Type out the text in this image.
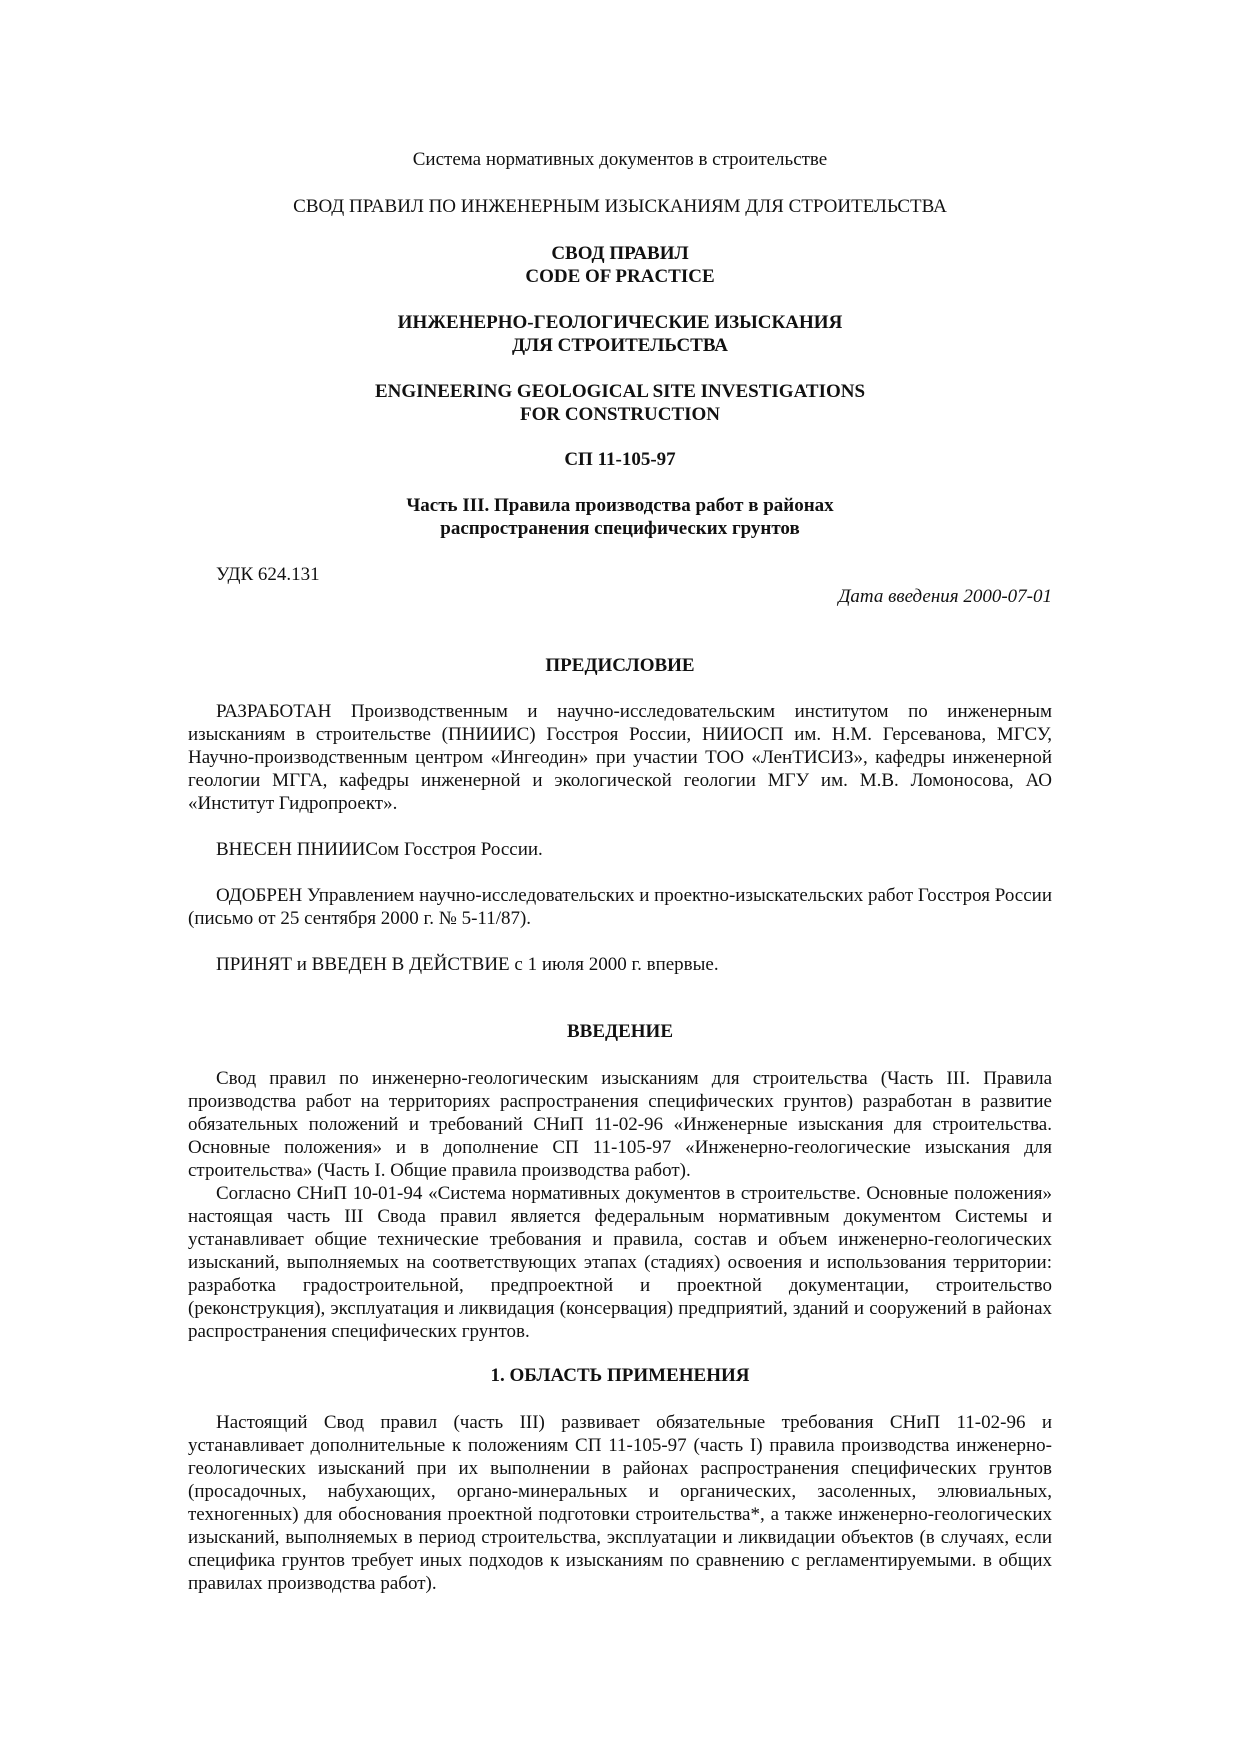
Система нормативных документов в строительстве
СВОД ПРАВИЛ ПО ИНЖЕНЕРНЫМ ИЗЫСКАНИЯМ ДЛЯ СТРОИТЕЛЬСТВА
СВОД ПРАВИЛ
CODE OF PRACTICE
ИНЖЕНЕРНО-ГЕОЛОГИЧЕСКИЕ ИЗЫСКАНИЯ
ДЛЯ СТРОИТЕЛЬСТВА
ENGINEERING GEOLOGICAL SITE INVESTIGATIONS
FOR CONSTRUCTION
СП 11-105-97
Часть III. Правила производства работ в районах
распространения специфических грунтов
УДК 624.131
Дата введения 2000-07-01
ПРЕДИСЛОВИЕ

РАЗРАБОТАН Производственным и научно-исследовательским институтом по инженерным изысканиям в строительстве (ПНИИИС) Госстроя России, НИИОСП им. Н.М. Герсеванова, МГСУ, Научно-производственным центром «Ингеодин» при участии ТОО «ЛенТИСИЗ», кафедры инженерной геологии МГГА, кафедры инженерной и экологической геологии МГУ им. М.В. Ломоносова, АО «Институт Гидропроект».

ВНЕСЕН ПНИИИСом Госстроя России.

ОДОБРЕН Управлением научно-исследовательских и проектно-изыскательских работ Госстроя России (письмо от 25 сентября 2000 г. № 5-11/87).

ПРИНЯТ и ВВЕДЕН В ДЕЙСТВИЕ с 1 июля 2000 г. впервые.

ВВЕДЕНИЕ

Свод правил по инженерно-геологическим изысканиям для строительства (Часть III. Правила производства работ на территориях распространения специфических грунтов) разработан в развитие обязательных положений и требований СНиП 11-02-96 «Инженерные изыскания для строительства. Основные положения» и в дополнение СП 11-105-97 «Инженерно-геологические изыскания для строительства» (Часть I. Общие правила производства работ).

Согласно СНиП 10-01-94 «Система нормативных документов в строительстве. Основные положения» настоящая часть III Свода правил является федеральным нормативным документом Системы и устанавливает общие технические требования и правила, состав и объем инженерно-геологических изысканий, выполняемых на соответствующих этапах (стадиях) освоения и использования территории: разработка градостроительной, предпроектной и проектной документации, строительство (реконструкция), эксплуатация и ликвидация (консервация) предприятий, зданий и сооружений в районах распространения специфических грунтов.

1. ОБЛАСТЬ ПРИМЕНЕНИЯ

Настоящий Свод правил (часть III) развивает обязательные требования СНиП 11-02-96 и устанавливает дополнительные к положениям СП 11-105-97 (часть I) правила производства инженерно-геологических изысканий при их выполнении в районах распространения специфических грунтов (просадочных, набухающих, органо-минеральных и органических, засоленных, элювиальных, техногенных) для обоснования проектной подготовки строительства*, а также инженерно-геологических изысканий, выполняемых в период строительства, эксплуатации и ликвидации объектов (в случаях, если специфика грунтов требует иных подходов к изысканиям по сравнению с регламентируемыми. в общих правилах производства работ).
